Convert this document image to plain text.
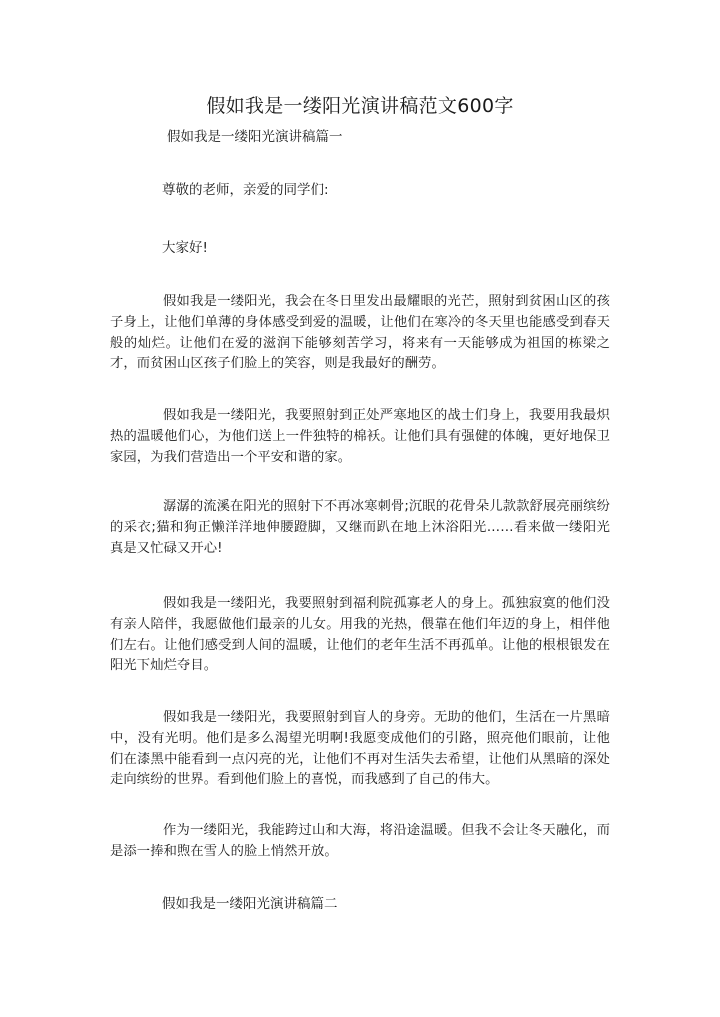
假如我是一缕阳光演讲稿范文600字
假如我是一缕阳光演讲稿篇一
尊敬的老师，亲爱的同学们:
大家好!

假如我是一缕阳光，我会在冬日里发出最耀眼的光芒，照射到贫困山区的孩子身上，让他们单薄的身体感受到爱的温暖，让他们在寒冷的冬天里也能感受到春天般的灿烂。让他们在爱的滋润下能够刻苦学习，将来有一天能够成为祖国的栋梁之才，而贫困山区孩子们脸上的笑容，则是我最好的酬劳。

假如我是一缕阳光，我要照射到正处严寒地区的战士们身上，我要用我最炽热的温暖他们心，为他们送上一件独特的棉袄。让他们具有强健的体魄，更好地保卫家园，为我们营造出一个平安和谐的家。

潺潺的流溪在阳光的照射下不再冰寒刺骨;沉眠的花骨朵儿款款舒展亮丽缤纷的采衣;猫和狗正懒洋洋地伸腰蹬脚，又继而趴在地上沐浴阳光……看来做一缕阳光真是又忙碌又开心!

假如我是一缕阳光，我要照射到福利院孤寡老人的身上。孤独寂寞的他们没有亲人陪伴，我愿做他们最亲的儿女。用我的光热，偎靠在他们年迈的身上，相伴他们左右。让他们感受到人间的温暖，让他们的老年生活不再孤单。让他的根根银发在阳光下灿烂夺目。

假如我是一缕阳光，我要照射到盲人的身旁。无助的他们，生活在一片黑暗中，没有光明。他们是多么渴望光明啊!我愿变成他们的引路，照亮他们眼前，让他们在漆黑中能看到一点闪亮的光，让他们不再对生活失去希望，让他们从黑暗的深处走向缤纷的世界。看到他们脸上的喜悦，而我感到了自己的伟大。

作为一缕阳光，我能跨过山和大海，将沿途温暖。但我不会让冬天融化，而是添一捧和煦在雪人的脸上悄然开放。

假如我是一缕阳光演讲稿篇二
